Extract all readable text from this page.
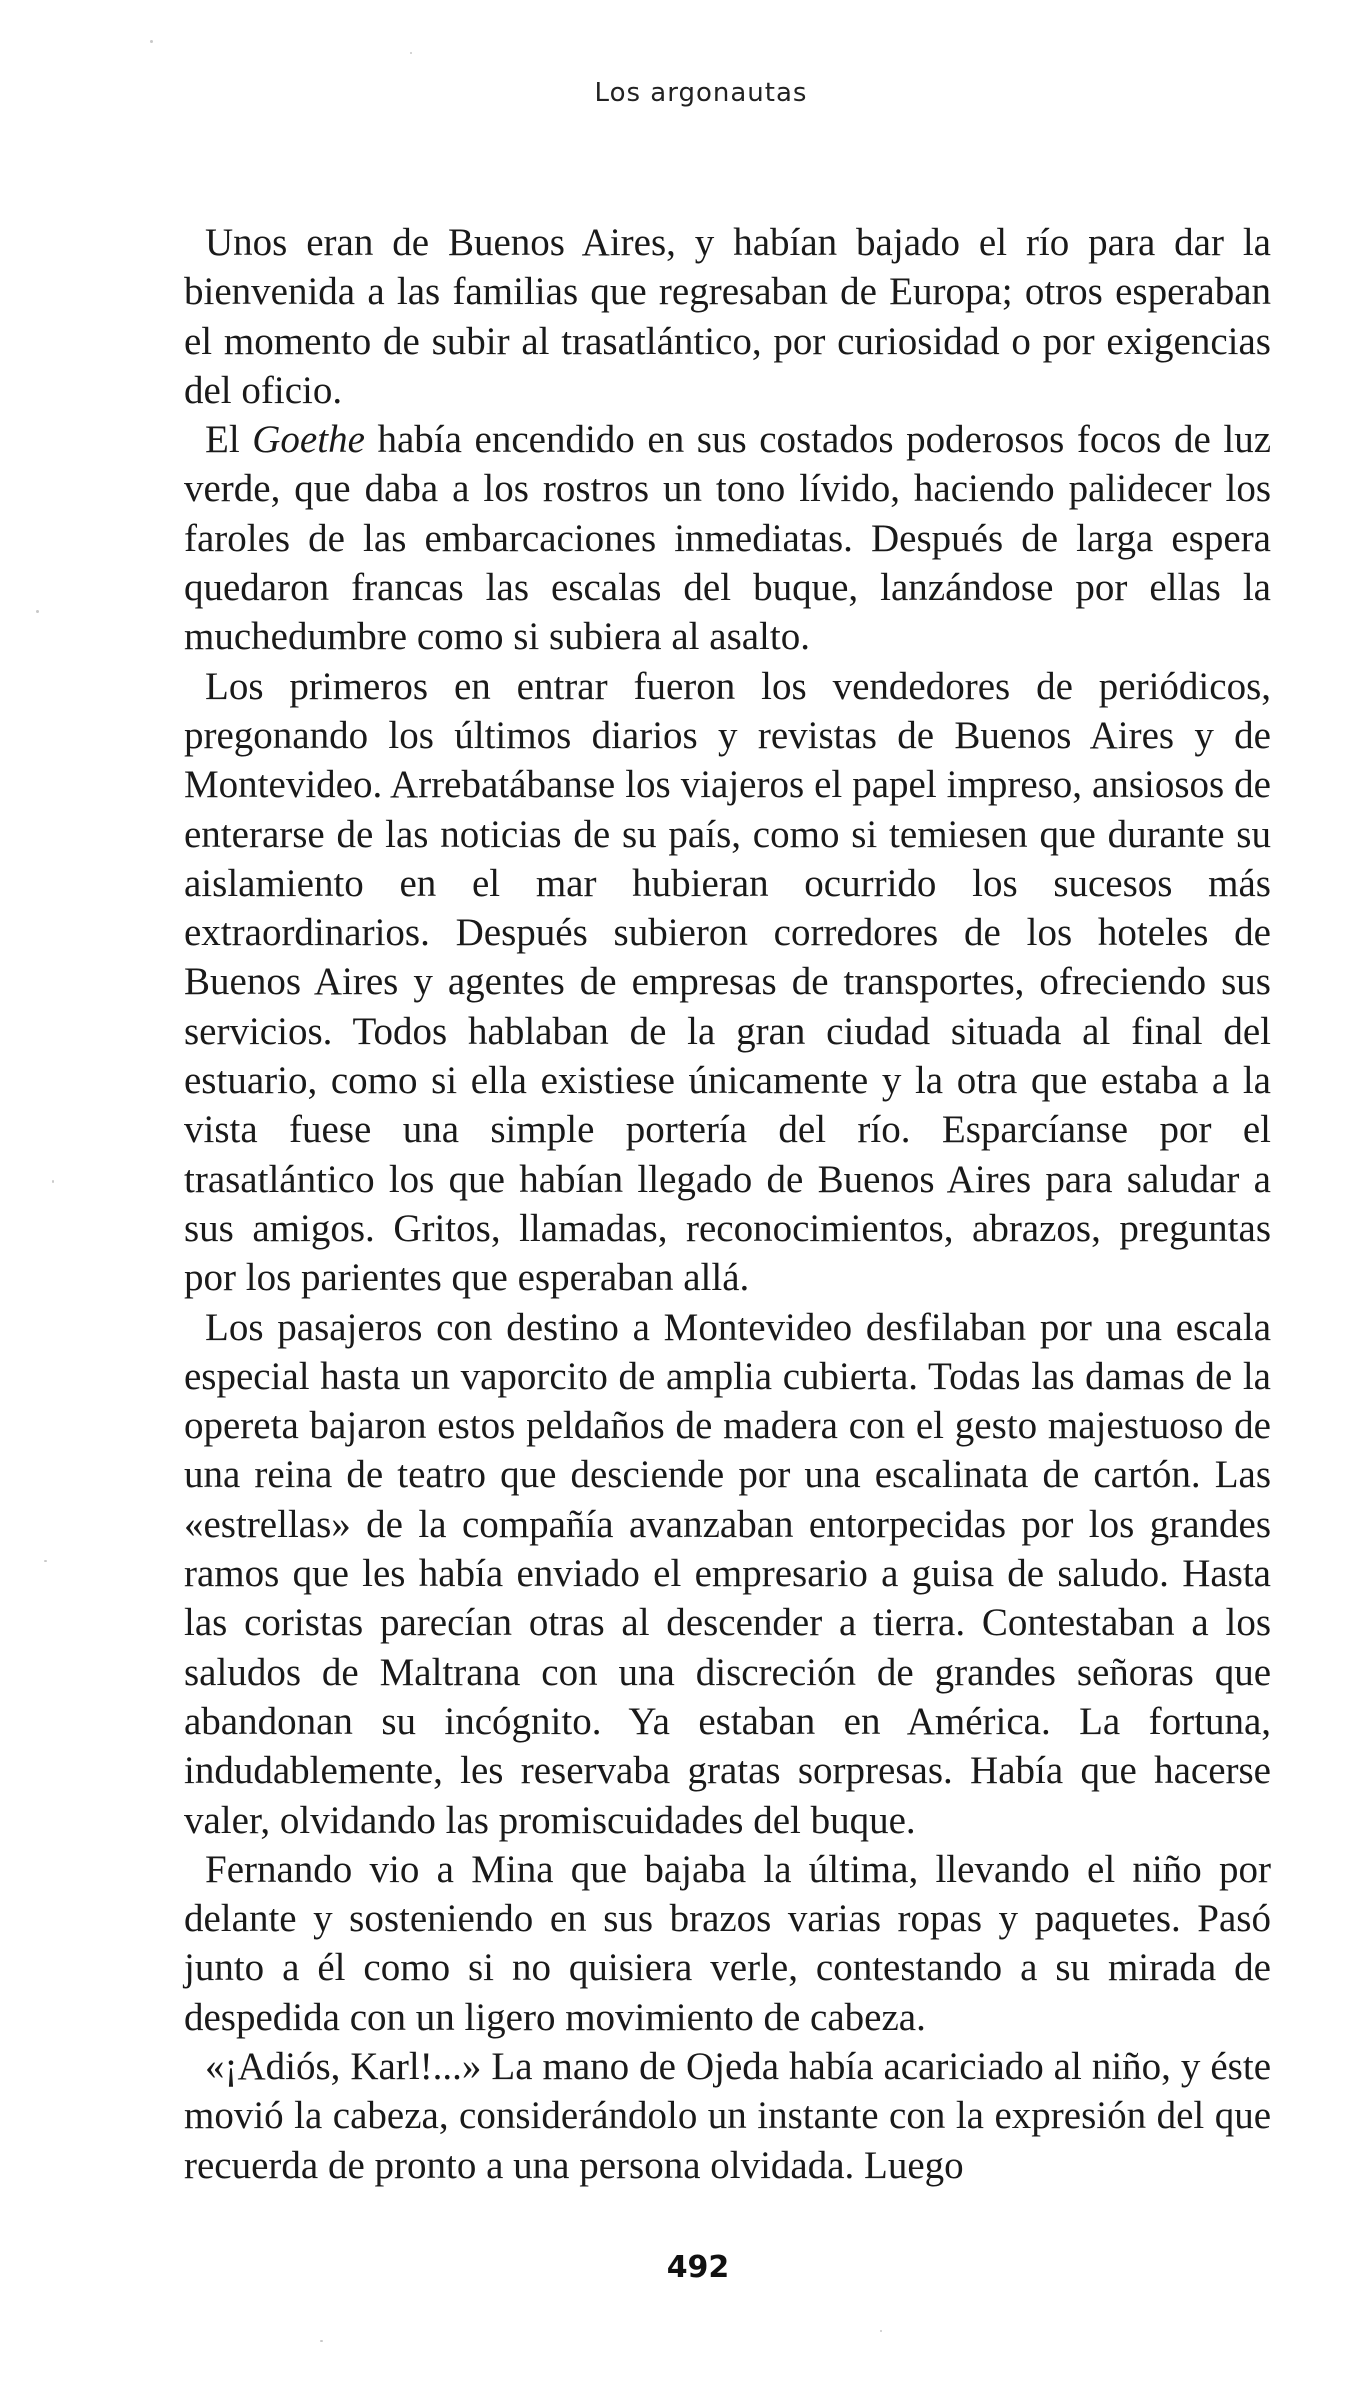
Los argonautas

Unos eran de Buenos Aires, y habían bajado el río para dar la bienvenida a las familias que regresaban de Europa; otros esperaban el momento de subir al trasatlántico, por curiosidad o por exigencias del oficio.

El Goethe había encendido en sus costados poderosos focos de luz verde, que daba a los rostros un tono lívido, haciendo palidecer los faroles de las embarcaciones inmediatas. Después de larga espera quedaron francas las escalas del buque, lanzándose por ellas la muchedumbre como si subiera al asalto.

Los primeros en entrar fueron los vendedores de periódicos, pregonando los últimos diarios y revistas de Buenos Aires y de Montevideo. Arrebatábanse los viajeros el papel impreso, ansiosos de enterarse de las noticias de su país, como si temiesen que durante su aislamiento en el mar hubieran ocurrido los sucesos más extraordinarios. Después subieron corredores de los hoteles de Buenos Aires y agentes de empresas de transportes, ofreciendo sus servicios. Todos hablaban de la gran ciudad situada al final del estuario, como si ella existiese únicamente y la otra que estaba a la vista fuese una simple portería del río. Esparcíanse por el trasatlántico los que habían llegado de Buenos Aires para saludar a sus amigos. Gritos, llamadas, reconocimientos, abrazos, preguntas por los parientes que esperaban allá.

Los pasajeros con destino a Montevideo desfilaban por una escala especial hasta un vaporcito de amplia cubierta. Todas las damas de la opereta bajaron estos peldaños de madera con el gesto majestuoso de una reina de teatro que desciende por una escalinata de cartón. Las «estrellas» de la compañía avanzaban entorpecidas por los grandes ramos que les había enviado el empresario a guisa de saludo. Hasta las coristas parecían otras al descender a tierra. Contestaban a los saludos de Maltrana con una discreción de grandes señoras que abandonan su incógnito. Ya estaban en América. La fortuna, indudablemente, les reservaba gratas sorpresas. Había que hacerse valer, olvidando las promiscuidades del buque.

Fernando vio a Mina que bajaba la última, llevando el niño por delante y sosteniendo en sus brazos varias ropas y paquetes. Pasó junto a él como si no quisiera verle, contestando a su mirada de despedida con un ligero movimiento de cabeza.

«¡Adiós, Karl!...» La mano de Ojeda había acariciado al niño, y éste movió la cabeza, considerándolo un instante con la expresión del que recuerda de pronto a una persona olvidada. Luego

492
